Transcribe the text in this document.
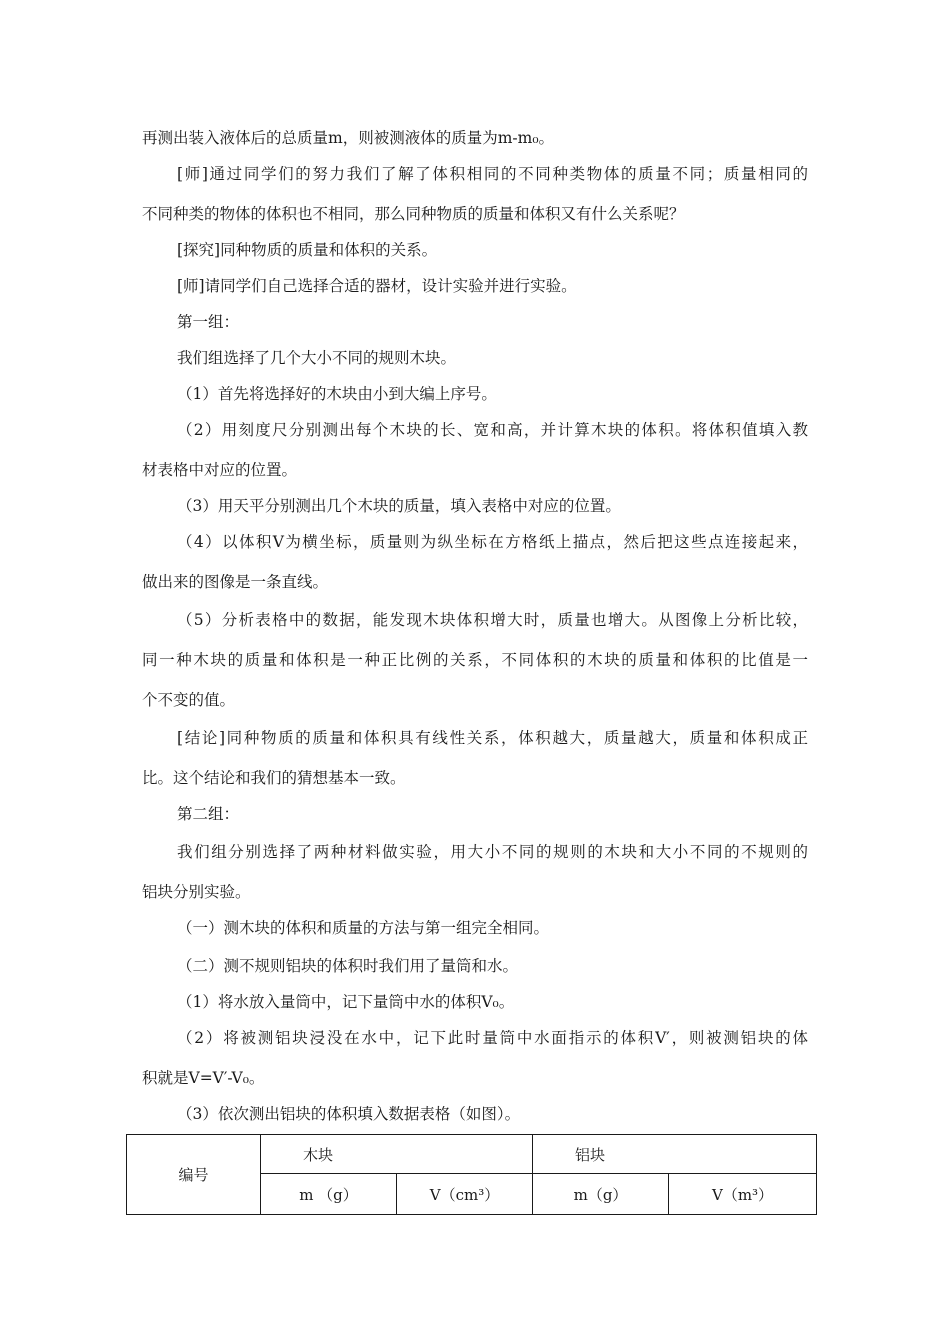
再测出装入液体后的总质量m，则被测液体的质量为m-m₀。
[师]通过同学们的努力我们了解了体积相同的不同种类物体的质量不同；质量相同的
不同种类的物体的体积也不相同，那么同种物质的质量和体积又有什么关系呢？
[探究]同种物质的质量和体积的关系。
[师]请同学们自己选择合适的器材，设计实验并进行实验。
第一组：
我们组选择了几个大小不同的规则木块。
（1）首先将选择好的木块由小到大编上序号。
（2）用刻度尺分别测出每个木块的长、宽和高，并计算木块的体积。将体积值填入教
材表格中对应的位置。
（3）用天平分别测出几个木块的质量，填入表格中对应的位置。
（4）以体积V为横坐标，质量则为纵坐标在方格纸上描点，然后把这些点连接起来，
做出来的图像是一条直线。
（5）分析表格中的数据，能发现木块体积增大时，质量也增大。从图像上分析比较，
同一种木块的质量和体积是一种正比例的关系，不同体积的木块的质量和体积的比值是一
个不变的值。
[结论]同种物质的质量和体积具有线性关系，体积越大，质量越大，质量和体积成正
比。这个结论和我们的猜想基本一致。
第二组：
我们组分别选择了两种材料做实验，用大小不同的规则的木块和大小不同的不规则的
铝块分别实验。
（一）测木块的体积和质量的方法与第一组完全相同。
（二）测不规则铝块的体积时我们用了量筒和水。
（1）将水放入量筒中，记下量筒中水的体积V₀。
（2）将被测铝块浸没在水中，记下此时量筒中水面指示的体积V′，则被测铝块的体
积就是V=V′-V₀。
（3）依次测出铝块的体积填入数据表格（如图）。
编号	木块		铝块	
	m （g）	V（cm³）	m（g）	V（m³）
